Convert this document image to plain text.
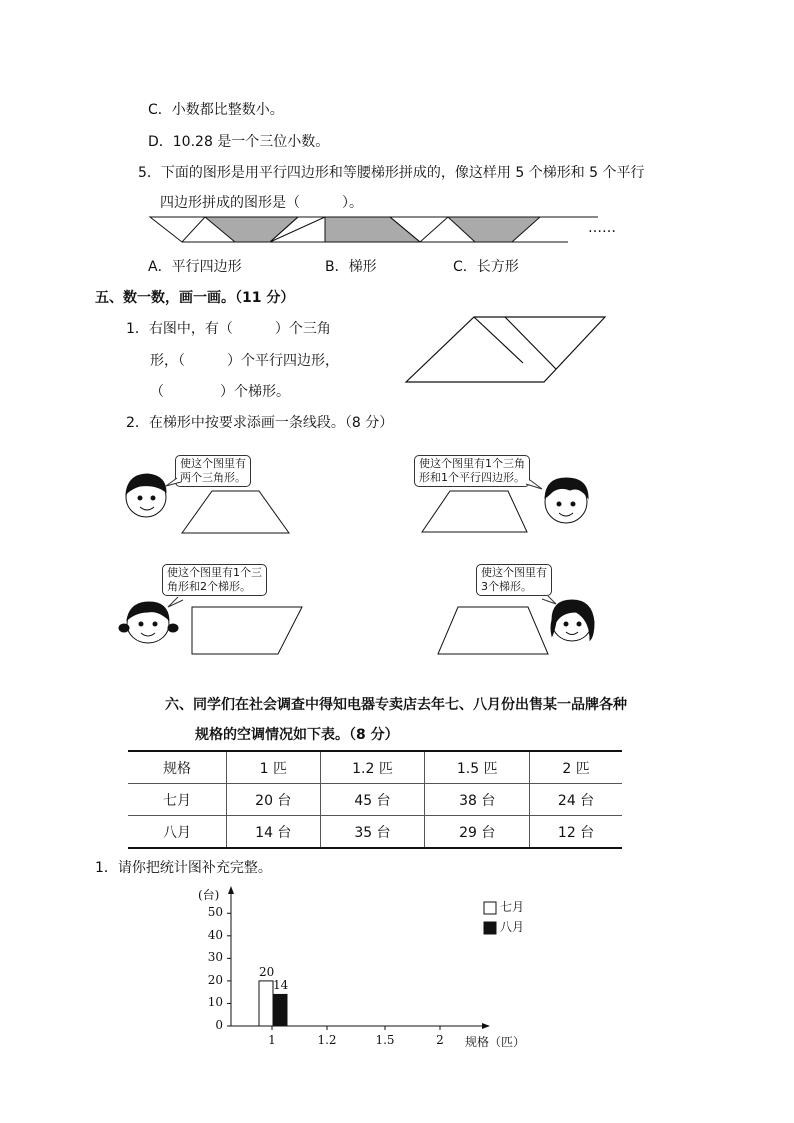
C．小数都比整数小。
D．10.28 是一个三位小数。
5．下面的图形是用平行四边形和等腰梯形拼成的，像这样用 5 个梯形和 5 个平行
四边形拼成的图形是（　　　）。
……
A．平行四边形	B．梯形	C．长方形
五、数一数，画一画。（11 分）
1．右图中，有（　　　）个三角
形，（　　　）个平行四边形，
（　　　　）个梯形。
2．在梯形中按要求添画一条线段。（8 分）
使这个图里有
两个三角形。
使这个图里有1个三角
形和1个平行四边形。
使这个图里有1个三
角形和2个梯形。
使这个图里有
3个梯形。
六、同学们在社会调查中得知电器专卖店去年七、八月份出售某一品牌各种
规格的空调情况如下表。（8 分）
规格	1 匹	1.2 匹	1.5 匹	2 匹
七月	20 台	45 台	38 台	24 台
八月	14 台	35 台	29 台	12 台
1．请你把统计图补充完整。
0
10
20
30
40
50
(台)
1	1.2	1.5	2 规格（匹）
20
14
七月
八月
